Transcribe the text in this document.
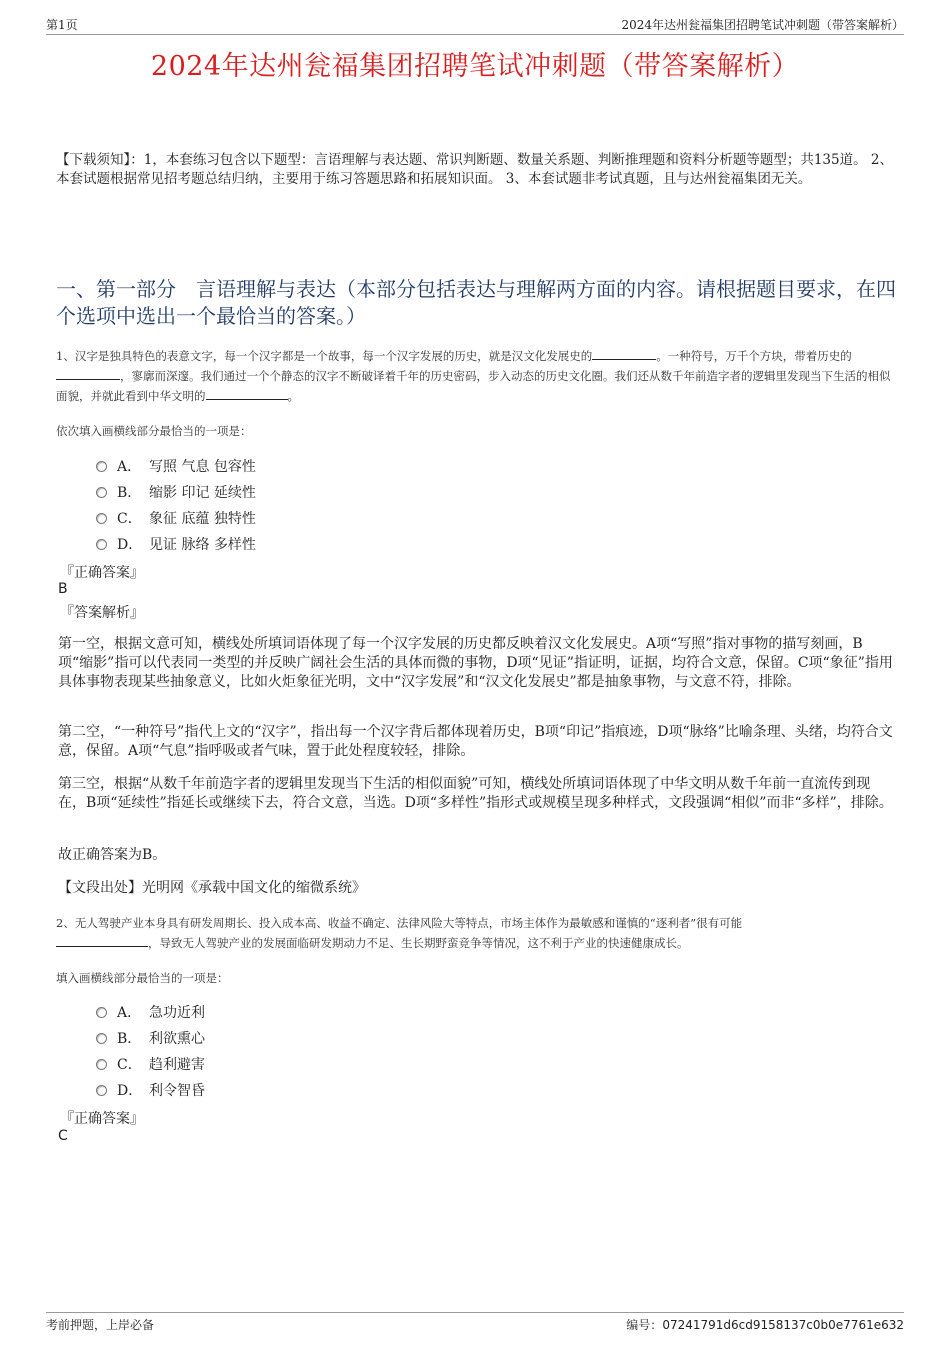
第1页	2024年达州瓮福集团招聘笔试冲刺题（带答案解析）
2024年达州瓮福集团招聘笔试冲刺题（带答案解析）
【下载须知】：1，本套练习包含以下题型：言语理解与表达题、常识判断题、数量关系题、判断推理题和资料分析题等题型；共135道。 2、本套试题根据常见招考题总结归纳，主要用于练习答题思路和拓展知识面。 3、本套试题非考试真题，且与达州瓮福集团无关。
一、第一部分　言语理解与表达（本部分包括表达与理解两方面的内容。请根据题目要求，在四个选项中选出一个最恰当的答案。）
1、汉字是独具特色的表意文字，每一个汉字都是一个故事，每一个汉字发展的历史，就是汉文化发展史的	。一种符号，万千个方块，带着历史的，寥廓而深邃。我们通过一个个静态的汉字不断破译着千年的历史密码，步入动态的历史文化圈。我们还从数千年前造字者的逻辑里发现当下生活的相似面貌，并就此看到中华文明的	。
依次填入画横线部分最恰当的一项是：
A． 写照 气息 包容性
B． 缩影 印记 延续性
C． 象征 底蕴 独特性
D． 见证 脉络 多样性
『正确答案』
B
『答案解析』

第一空，根据文意可知，横线处所填词语体现了每一个汉字发展的历史都反映着汉文化发展史。A项“写照”指对事物的描写刻画，B项“缩影”指可以代表同一类型的并反映广阔社会生活的具体而微的事物，D项“见证”指证明，证据，均符合文意，保留。C项“象征”指用具体事物表现某些抽象意义，比如火炬象征光明，文中“汉字发展”和“汉文化发展史”都是抽象事物，与文意不符，排除。

第二空，“一种符号”指代上文的“汉字”，指出每一个汉字背后都体现着历史，B项“印记”指痕迹，D项“脉络”比喻条理、头绪，均符合文意，保留。A项“气息”指呼吸或者气味，置于此处程度较轻，排除。

第三空，根据“从数千年前造字者的逻辑里发现当下生活的相似面貌”可知，横线处所填词语体现了中华文明从数千年前一直流传到现在，B项“延续性”指延长或继续下去，符合文意，当选。D项“多样性”指形式或规模呈现多种样式，文段强调“相似”而非“多样”，排除。

故正确答案为B。

【文段出处】光明网《承载中国文化的缩微系统》

2、无人驾驶产业本身具有研发周期长、投入成本高、收益不确定、法律风险大等特点，市场主体作为最敏感和谨慎的“逐利者”很有可能
，导致无人驾驶产业的发展面临研发期动力不足、生长期野蛮竞争等情况，这不利于产业的快速健康成长。
填入画横线部分最恰当的一项是：
A． 急功近利
B． 利欲熏心
C． 趋利避害
D． 利令智昏
『正确答案』
C
考前押题，上岸必备	编号：07241791d6cd9158137c0b0e7761e632
